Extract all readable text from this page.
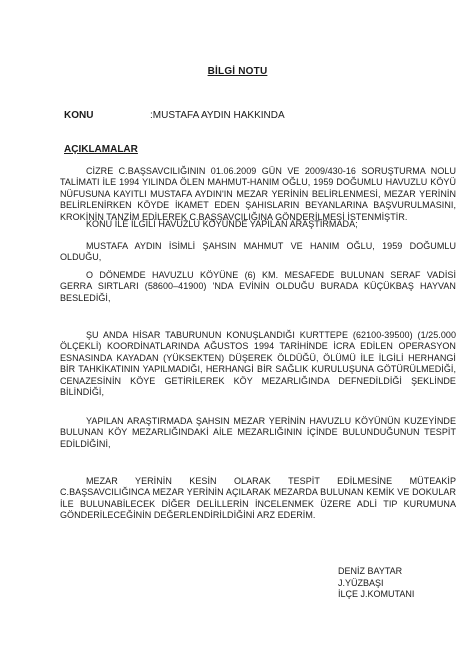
BİLGİ NOTU
KONU	:MUSTAFA AYDIN HAKKINDA
AÇIKLAMALAR
CİZRE C.BAŞSAVCILIĞININ 01.06.2009 GÜN VE 2009/430-16 SORUŞTURMA NOLU TALİMATI İLE 1994 YILINDA ÖLEN MAHMUT-HANIM OĞLU, 1959 DOĞUMLU HAVUZLU KÖYÜ NÜFUSUNA KAYITLI MUSTAFA AYDIN'IN MEZAR YERİNİN BELİRLENMESİ, MEZAR YERİNİN BELİRLENİRKEN KÖYDE İKAMET EDEN ŞAHISLARIN BEYANLARINA BAŞVURULMASINI, KROKİNİN TANZİM EDİLEREK C.BAŞSAVCILIĞINA GÖNDERİLMESİ İSTENMİŞTİR.
KONU İLE İLGİLİ HAVUZLU KÖYÜNDE YAPILAN ARAŞTIRMADA;
MUSTAFA AYDIN İSİMLİ ŞAHSIN MAHMUT VE HANIM OĞLU, 1959 DOĞUMLU OLDUĞU,
O DÖNEMDE HAVUZLU KÖYÜNE (6) KM. MESAFEDE BULUNAN SERAF VADİSİ GERRA SIRTLARI (58600–41900) 'NDA EVİNİN OLDUĞU BURADA KÜÇÜKBAŞ HAYVAN BESLEDİĞİ,
ŞU ANDA HİSAR TABURUNUN KONUŞLANDIĞI KURTTEPE (62100-39500) (1/25.000 ÖLÇEKLİ) KOORDİNATLARINDA AĞUSTOS 1994 TARİHİNDE İCRA EDİLEN OPERASYON ESNASINDA KAYADAN (YÜKSEKTEN) DÜŞEREK ÖLDÜĞÜ, ÖLÜMÜ İLE İLGİLİ HERHANGİ BİR TAHKİKATININ YAPILMADIĞI, HERHANGİ BİR SAĞLIK KURULUŞUNA GÖTÜRÜLMEDİĞİ, CENAZESİNİN KÖYE GETİRİLEREK KÖY MEZARLIĞINDA DEFNEDİLDİĞİ ŞEKLİNDE BİLİNDİĞİ,
YAPILAN ARAŞTIRMADA ŞAHSIN MEZAR YERİNİN HAVUZLU KÖYÜNÜN KUZEYİNDE BULUNAN KÖY MEZARLIĞINDAKİ AİLE MEZARLIĞININ İÇİNDE BULUNDUĞUNUN TESPİT EDİLDİĞİNİ,
MEZAR YERİNİN KESİN OLARAK TESPİT EDİLMESİNE MÜTEAKİP C.BAŞSAVCILIĞINCA MEZAR YERİNİN AÇILARAK MEZARDA BULUNAN KEMİK VE DOKULAR İLE BULUNABİLECEK DİĞER DELİLLERİN İNCELENMEK ÜZERE ADLİ TIP KURUMUNA GÖNDERİLECEĞİNİN DEĞERLENDİRİLDİĞİNİ ARZ EDERİM.
DENİZ BAYTAR
J.YÜZBAŞI
İLÇE J.KOMUTANI
